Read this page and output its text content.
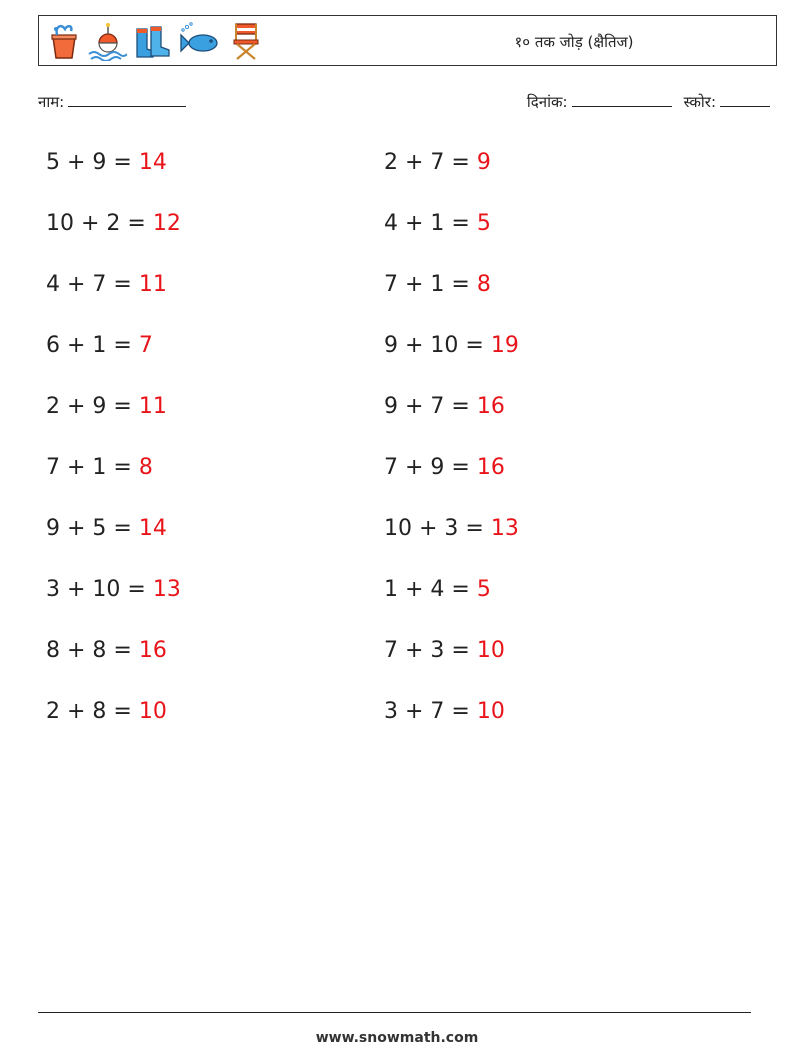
१० तक जोड़ (क्षैतिज)
नाम:	दिनांक:	स्कोर:
5 + 9 = 14	2 + 7 = 9
10 + 2 = 12	4 + 1 = 5
4 + 7 = 11	7 + 1 = 8
6 + 1 = 7	9 + 10 = 19
2 + 9 = 11	9 + 7 = 16
7 + 1 = 8	7 + 9 = 16
9 + 5 = 14	10 + 3 = 13
3 + 10 = 13	1 + 4 = 5
8 + 8 = 16	7 + 3 = 10
2 + 8 = 10	3 + 7 = 10
www.snowmath.com
